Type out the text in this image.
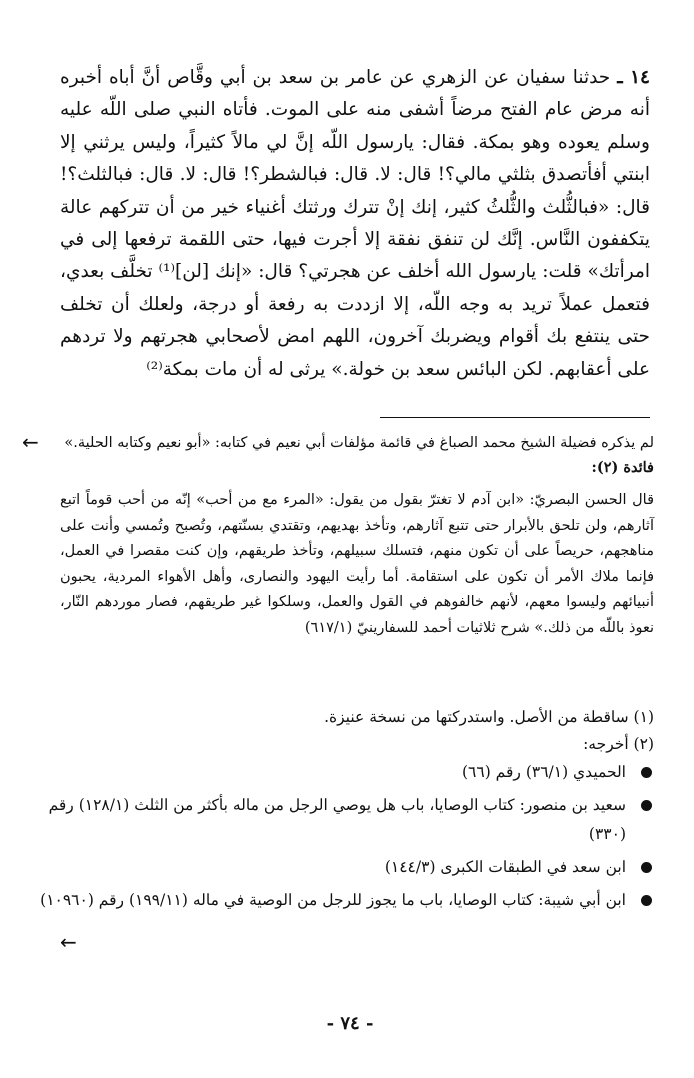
١٤ ـ حدثنا سفيان عن الزهري عن عامر بن سعد بن أبي وقَّاص أنَّ أباه أخبره أنه مرض عام الفتح مرضاً أشفى منه على الموت. فأتاه النبي صلى اللّه عليه وسلم يعوده وهو بمكة. فقال: يارسول اللّه إنَّ لي مالاً كثيراً، وليس يرثني إلا ابنتي أفأتصدق بثلثي مالي؟! قال: لا. قال: فبالشطر؟! قال: لا. قال: فبالثلث؟! قال: «فبالثُّلث والثُّلثُ كثير، إنك إنْ تترك ورثتك أغنياء خير من أن تتركهم عالة يتكففون النَّاس. إنَّك لن تنفق نفقة إلا أجرت فيها، حتى اللقمة ترفعها إلى في امرأتك» قلت: يارسول الله أخلف عن هجرتي؟ قال: «إنك [لن]⁽¹⁾ تخلَّف بعدي، فتعمل عملاً تريد به وجه اللّه، إلا ازددت به رفعة أو درجة، ولعلك أن تخلف حتى ينتفع بك أقوام ويضربك آخرون، اللهم امض لأصحابي هجرتهم ولا تردهم على أعقابهم. لكن البائس سعد بن خولة.» يرثى له أن مات بمكة⁽²⁾

←	لم يذكره فضيلة الشيخ محمد الصباغ في قائمة مؤلفات أبي نعيم في كتابه: «أبو نعيم وكتابه الحلية.»

فائدة (٢):

قال الحسن البصريّ: «ابن آدم لا تغترّ بقول من يقول: «المرء مع من أحب» إنّه من أحب قوماً اتبع آثارهم، ولن تلحق بالأبرار حتى تتبع آثارهم، وتأخذ بهديهم، وتقتدي بسنّتهم، وتُصبح وتُمسي وأنت على مناهجهم، حريصاً على أن تكون منهم، فتسلك سبيلهم، وتأخذ طريقهم، وإن كنت مقصرا في العمل، فإنما ملاك الأمر أن تكون على استقامة. أما رأيت اليهود والنصارى، وأهل الأهواء المردية، يحبون أنبيائهم وليسوا معهم، لأنهم خالفوهم في القول والعمل، وسلكوا غير طريقهم، فصار موردهم النّار، نعوذ باللّه من ذلك.» شرح ثلاثيات أحمد للسفارينيّ (٦١٧/١)

(١) ساقطة من الأصل. واستدركتها من نسخة عنيزة.

(٢) أخرجه:

الحميدي (٣٦/١) رقم (٦٦)
سعيد بن منصور: كتاب الوصايا، باب هل يوصي الرجل من ماله بأكثر من الثلث (١٢٨/١) رقم (٣٣٠)
ابن سعد في الطبقات الكبرى (١٤٤/٣)
ابن أبي شيبة: كتاب الوصايا، باب ما يجوز للرجل من الوصية في ماله (١٩٩/١١) رقم (١٠٩٦٠)
←
- ٧٤ -
